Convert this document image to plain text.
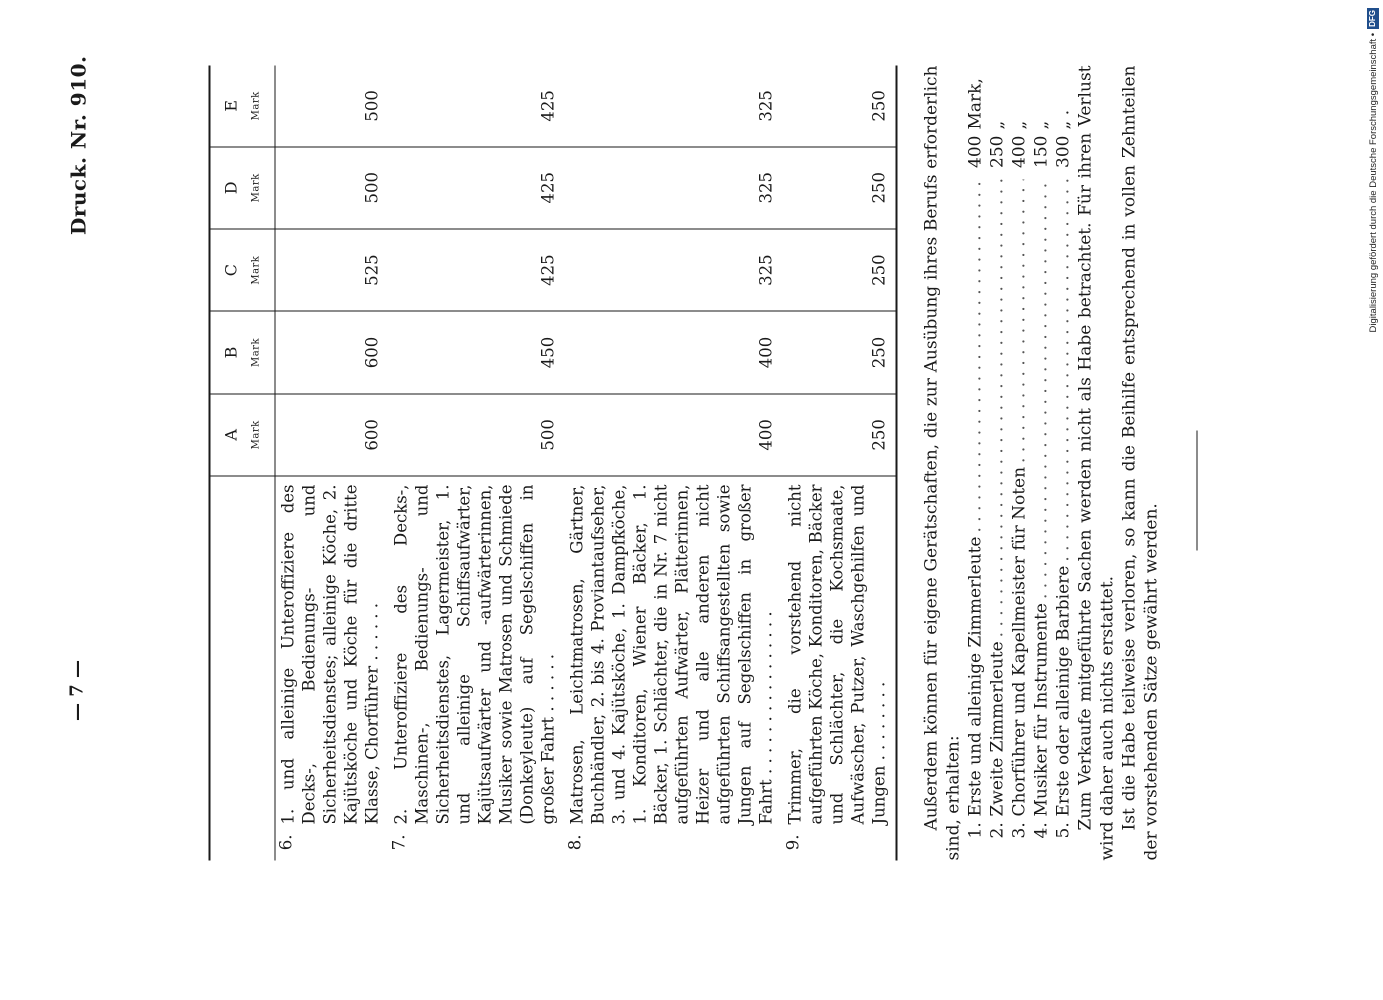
— 7 —
Druck. Nr. 910.

		A Mark	B Mark	C Mark	D Mark	E Mark

6.	1. und alleinige Unteroffiziere des Decks-, Bedienungs- und Sicherheitsdienstes; alleinige Köche, 2. Kajütsköche und Köche für die dritte Klasse, Chorführer . . . . . .	600	600	525	500	500
7.	2. Unteroffiziere des Decks-, Maschinen-, Bedienungs- und Sicherheitsdienstes, Lagermeister, 1. und alleinige Schiffsaufwärter, Kajütsaufwärter und -aufwärterinnen, Musiker sowie Matrosen und Schmiede (Donkeyleute) auf Segelschiffen in großer Fahrt . . . . . .	500	450	425	425	425
8.	Matrosen, Leichtmatrosen, Gärtner, Buchhändler, 2. bis 4. Proviantaufseher, 3. und 4. Kajütsköche, 1. Dampfköche, 1. Konditoren, Wiener Bäcker, 1. Bäcker, 1. Schlächter, die in Nr. 7 nicht aufgeführten Aufwärter, Plätterinnen, Heizer und alle anderen nicht aufgeführten Schiffsangestellten sowie Jungen auf Segelschiffen in großer Fahrt . . . . . . . . . . . . . . . .	400	400	325	325	325
9.	Trimmer, die vorstehend nicht aufgeführten Köche, Konditoren, Bäcker und Schlächter, die Kochsmaate, Aufwäscher, Putzer, Waschgehilfen und Jungen . . . . . . . .	250	250	250	250	250 Außerdem können für eigene Gerätschaften, die zur Ausübung ihres Berufs erforderlich sind, erhalten: 1.
Erste und alleinige Zimmerleute
. . .
400
Mark,
2.
Zweite Zimmerleute
. . .
250
„
3.
Chorführer und Kapellmeister für Noten
. . .
400
„
4.
Musiker für Instrumente
. . .
150
„
5.
Erste oder alleinige Barbiere
. . .
300
„ . Zum Verkaufe mitgeführte Sachen werden nicht als Habe betrachtet. Für ihren Verlust wird daher auch nichts erstattet. Ist die Habe teilweise verloren, so kann die Beihilfe entsprechend in vollen Zehnteilen der vorstehenden Sätze gewährt werden.

Digitalisierung gefördert durch die Deutsche Forschungsgemeinschaft •
DFG
